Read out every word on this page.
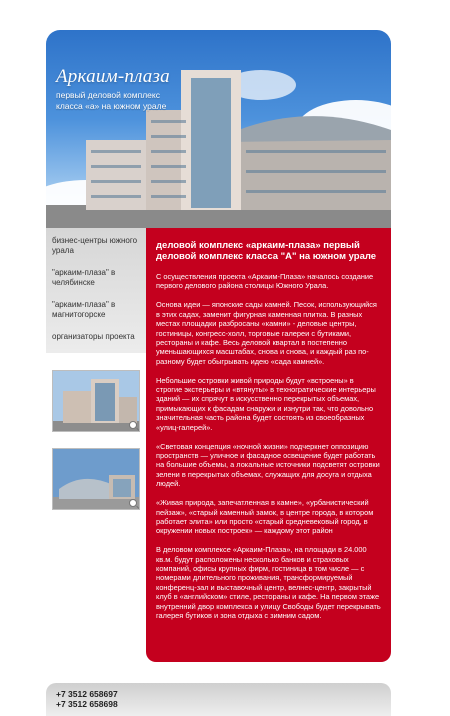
Аркаим-плаза
первый деловой комплекс класса «а» на южном урале
бизнес-центры южного урала
"аркаим-плаза" в челябинске
"аркаим-плаза" в магнитогорске
организаторы проекта
деловой комплекс «аркаим-плаза» первый деловой комплекс класса "А" на южном урале

С осуществления проекта «Аркаим-Плаза» началось создание первого делового района столицы Южного Урала.

Основа идеи — японские сады камней. Песок, использующийся в этих садах, заменит фигурная каменная плитка. В разных местах площадки разбросаны «камни» - деловые центры, гостиницы, конгресс-холл, торговые галереи с бутиками, рестораны и кафе. Весь деловой квартал в постепенно уменьшающихся масштабах, снова и снова, и каждый раз по-разному будет обыгрывать идею «сада камней».

Небольшие островки живой природы будут «встроены» в строгие экстерьеры и «втянуты» в техногратические интерьеры зданий — их спрячут в искусственно перекрытых объемах, примыкающих к фасадам снаружи и изнутри так, что довольно значительная часть района будет состоять из своеобразных «улиц-галерей».

«Световая концепция «ночной жизни» подчеркнет оппозицию пространств — уличное и фасадное освещение будет работать на большие объемы, а локальные источники подсветят островки зелени в перекрытых объемах, служащих для досуга и отдыха людей.

«Живая природа, запечатленная в камне», «урбанистический пейзаж», «старый каменный замок, в центре города, в котором работает элита» или просто «старый средневековый город, в окружении новых построек» — каждому этот район

В деловом комплексе «Аркаим-Плаза», на площади в 24.000 кв.м. будут расположены несколько банков и страховых компаний, офисы крупных фирм, гостиница в том числе — с номерами длительного проживания, трансформируемый конференц-зал и выставочный центр, велнес-центр, закрытый клуб в «английском» стиле, рестораны и кафе. На первом этаже внутренний двор комплекса и улицу Свободы будет перекрывать галерея бутиков и зона отдыха с зимним садом.

+7 3512 658697
+7 3512 658698
